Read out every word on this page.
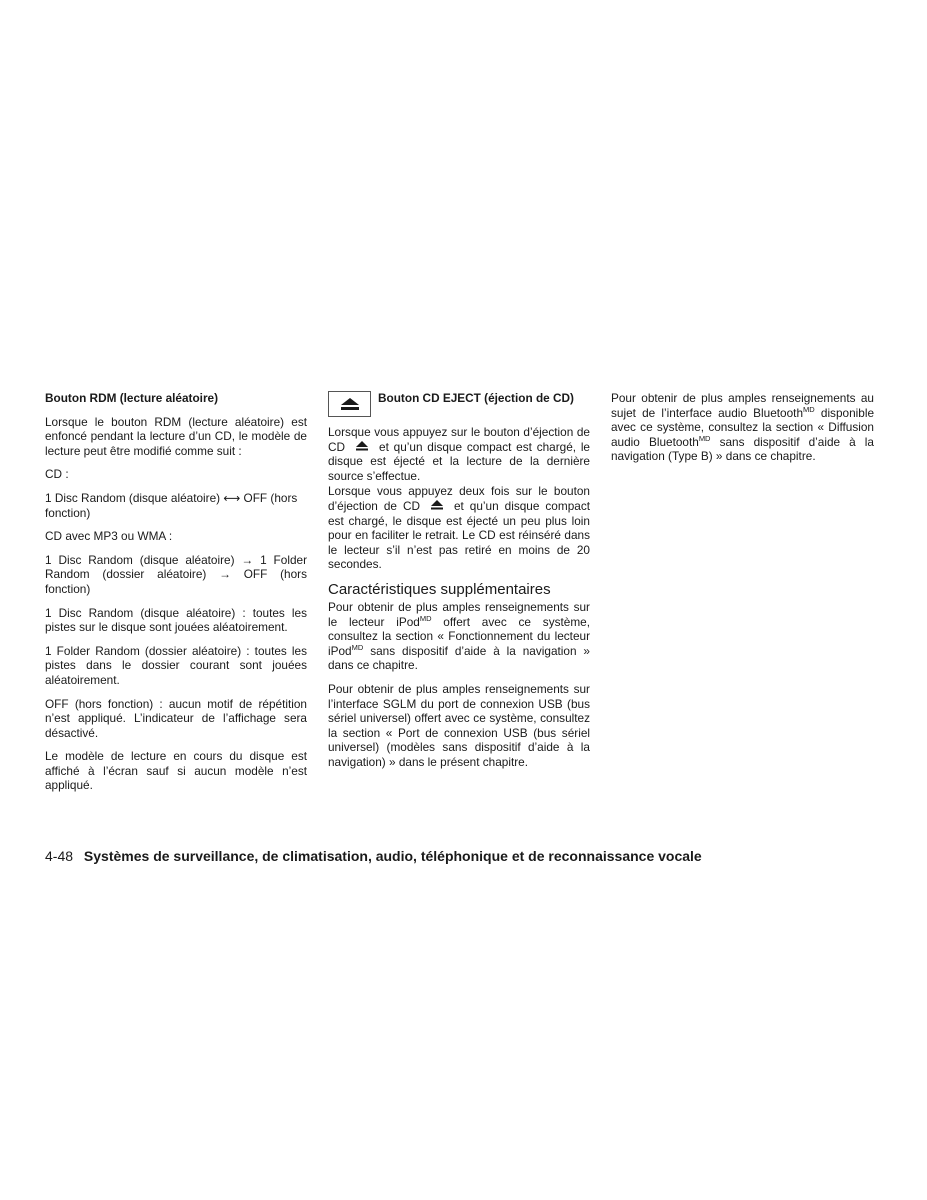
Bouton RDM (lecture aléatoire)

Lorsque le bouton RDM (lecture aléatoire) est enfoncé pendant la lecture d’un CD, le modèle de lecture peut être modifié comme suit :

CD :

1 Disc Random (disque aléatoire) ⟷ OFF (hors fonction)

CD avec MP3 ou WMA :

1 Disc Random (disque aléatoire) → 1 Folder Random (dossier aléatoire) → OFF (hors fonction)

1 Disc Random (disque aléatoire) : toutes les pistes sur le disque sont jouées aléatoirement.

1 Folder Random (dossier aléatoire) : toutes les pistes dans le dossier courant sont jouées aléatoirement.

OFF (hors fonction) : aucun motif de répétition n’est appliqué. L’indicateur de l’affichage sera désactivé.

Le modèle de lecture en cours du disque est affiché à l’écran sauf si aucun modèle n’est appliqué.

Bouton CD EJECT (éjection de CD)

Lorsque vous appuyez sur le bouton d’éjection de CD	et qu’un disque compact est chargé, le disque est éjecté et la lecture de la dernière source s’effectue.

Lorsque vous appuyez deux fois sur le bouton d’éjection de CD	et qu’un disque compact est chargé, le disque est éjecté un peu plus loin pour en faciliter le retrait. Le CD est réinséré dans le lecteur s’il n’est pas retiré en moins de 20 secondes.

Caractéristiques supplémentaires

Pour obtenir de plus amples renseignements sur le lecteur iPod$^{MD}$ offert avec ce système, consultez la section « Fonctionnement du lecteur iPod$^{MD}$ sans dispositif d’aide à la navigation » dans ce chapitre.

Pour obtenir de plus amples renseignements sur l’interface SGLM du port de connexion USB (bus sériel universel) offert avec ce système, consultez la section « Port de connexion USB (bus sériel universel) (modèles sans dispositif d’aide à la navigation) » dans le présent chapitre.

Pour obtenir de plus amples renseignements au sujet de l’interface audio Bluetooth$^{MD}$ disponible avec ce système, consultez la section « Diffusion audio Bluetooth$^{MD}$ sans dispositif d’aide à la navigation (Type B) » dans ce chapitre.

4-48 Systèmes de surveillance, de climatisation, audio, téléphonique et de reconnaissance vocale
